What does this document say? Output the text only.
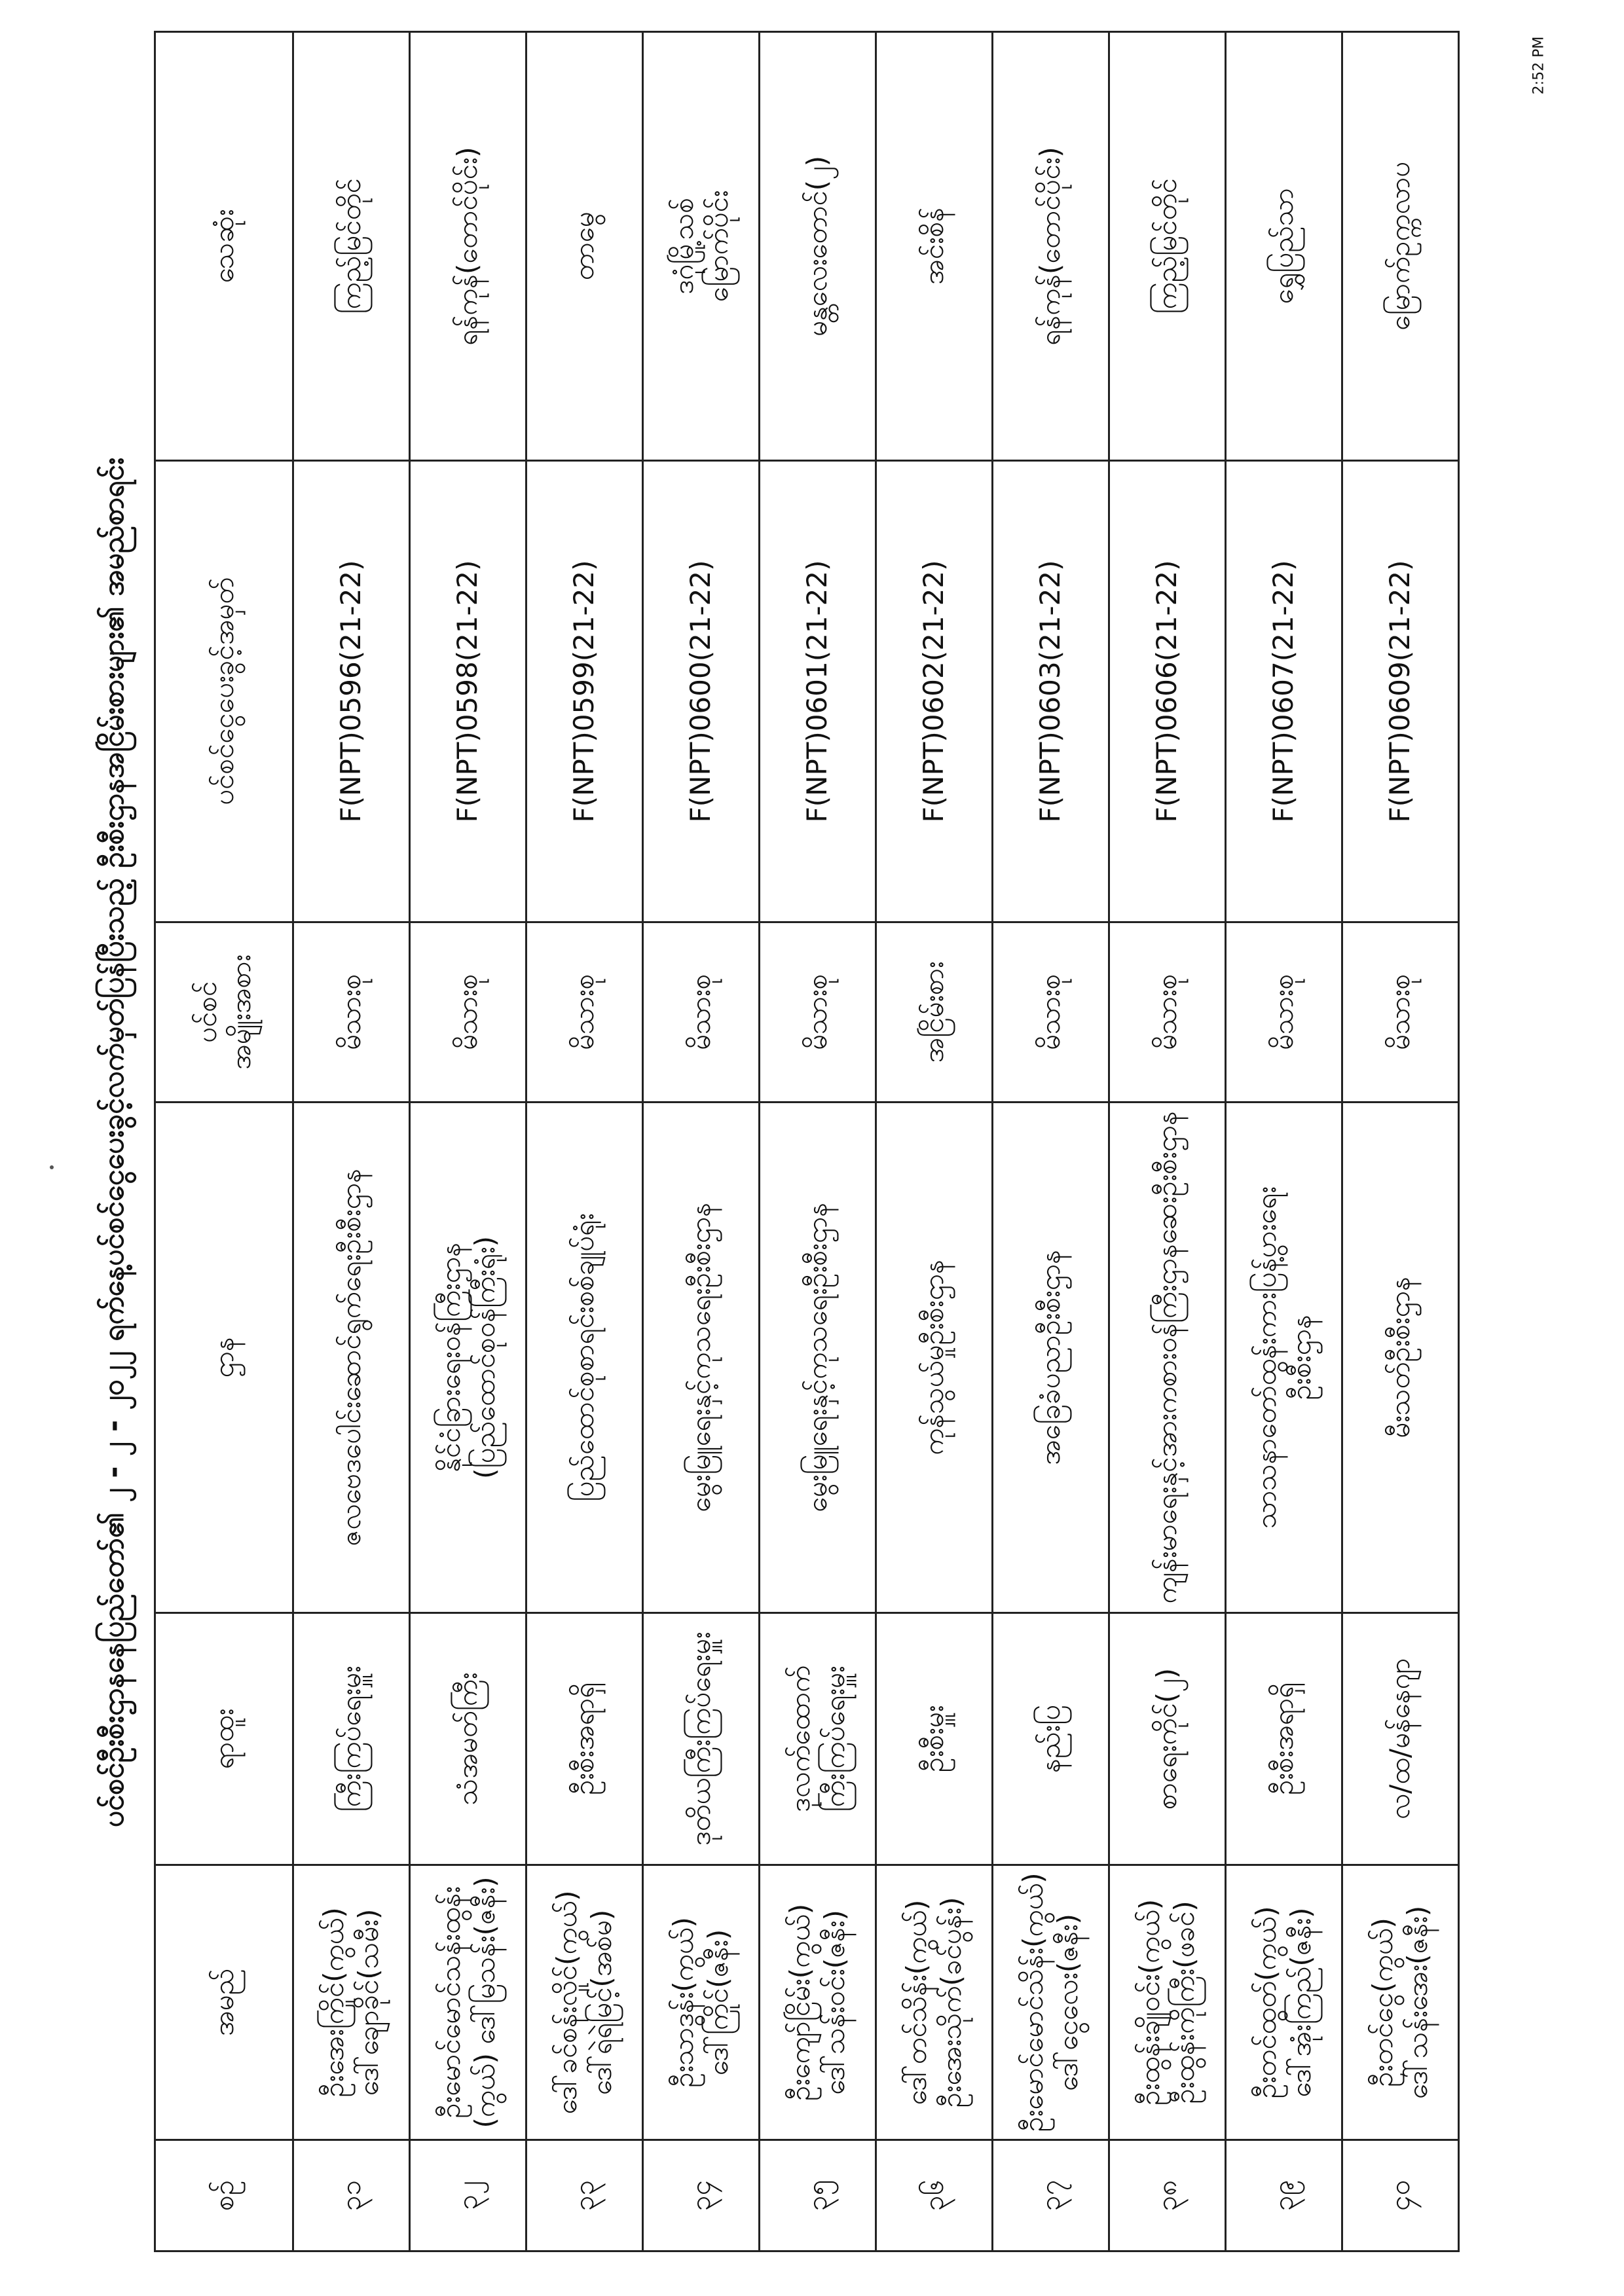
2:52 PM
ပင်စင်ဦးစီးဌာနနေပြည်တော်၏ ၂ - ၂ - ၂၀၂၂ ရက်နေ့ပင်စင်ငွေပေးခွင့်လက်မှတ်ပြန်ပြီးသည့် ဦးစီးဌာနအငြိမ်းစားများ၏ အမည်စာရင်း
စဉ်	အမည်	ရာထူး	ဌာန	ပင်စင် အမျိုးအစား	ပင်စင်ငွေပေးခွင့်အမှတ်	သေဆုံး

၃၁	ဦးအေးကြိုင်(ကွယ်) ဒေါ်ချောခိုင်(သမီး)	ကြီးကြပ်ရေးမှူး	ဇလဗေဒပေါင်းဆောင်ရွက်ရေးဦးစီးဌာန	မိသားစု	F(NPT)0596(21-22)	ကြည့်မြင်တိုင်

၃၂	ဦးမောင်မောင်သန်းထွန်း (ကွယ်) ဒေါ်မြသန်း(ဇနီး)	သံအမတ်ကြီး	နိုင်ငံခြားရေးဝန်ကြီးဌာန (ပြည်ထောင်စုဝန်ကြီးရုံး)	မိသားစု	F(NPT)0598(21-22)	ရန်ကုန်(တောင်ပိုင်း)

၃၃	ဒေါ်ခင်စန်းလှိုင်(ကွယ်) ဒေါ်ရဲရဲမြင့်(အစ်မ)	ဦးစီးအရာရှိ	ပြည်ထောင်စုစာရင်းစစ်ချုပ်ရုံး	မိသားစု	F(NPT)0599(21-22)	တာမွေ

၃၄	ဦးသာဒွန်း(ကွယ်) ဒေါ်ကြိုင်(ဇနီး)	ဒုတိယကြီးကြပ်ရေးမှူး	မွေးမြူရေးနှင့်ကုသရေးဦးစီးဌာန	မိသားစု	F(NPT)0600(21-22)	ဒဂုံမြို့သစ် မြောက်ပိုင်း

၃၅	ဦးကျော်ငြိမ်း(ကွယ်) ဒေါ်သန်းဝင်း(ဇနီး)	ဒုလက်ထောက် ကြီးကြပ်ရေးမှူး	မွေးမြူရေးနှင့်ကုသရေးဦးစီးဌာန	မိသားစု	F(NPT)0601(21-22)	မန္တလေးတောင်(၂)

၃၆	ဒေါ်တင်သိန်း(ကွယ်) ဦးအေးသိုက်(ခင်ပွန်း)	ဦးစီးမှူး	ကုန်သွယ်မှုဦးစီးဌာန	အငြိမ်းစား	F(NPT)0602(21-22)	အင်းစိန်

၃၇	ဦးမောင်မောင်သိန်း(ကွယ်) ဒေါ်ငွေလေး(ဇနီး)	နည်းပြ	အခြေခံပညာဦးစီးဌာန	မိသားစု	F(NPT)0603(21-22)	ရန်ကုန်(တောင်ပိုင်း)

၃၈	ဦးထွန်းချိုဝင်း(ကွယ်) ဦးထွန်းကိုကြီး(ဖခင်)	စာရေးကိုင်(၂)	ကျန်းမာရေးနှင့်အားကစားဝန်ကြီးဌာနဆေးဦးစီးဌာန	မိသားစု	F(NPT)0606(21-22)	ကြည့်မြင်တိုင်

၃၉	ဦးတင်ထွတ်(ကွယ်) ဒေါ်အုံးကြည်(ဇနီး)	ဦးစီးအရာရှိ	သာသနာတော်ထွန်းကားပြန့်ပွားရေး ဦးစီးဌာန	မိသားစု	F(NPT)0607(21-22)	ရွှေပြည်သာ

၄၀	ဦးတင်ငွေ(ကွယ်) ဒေါ်သန်းအေး(ဇနီး)	လ/ထ/မန်နေဂျာ	မီးသတ်ဦးစီးဌာန	မိသားစု	F(NPT)0609(21-22)	မြောက်ဥက္ကလာပ
